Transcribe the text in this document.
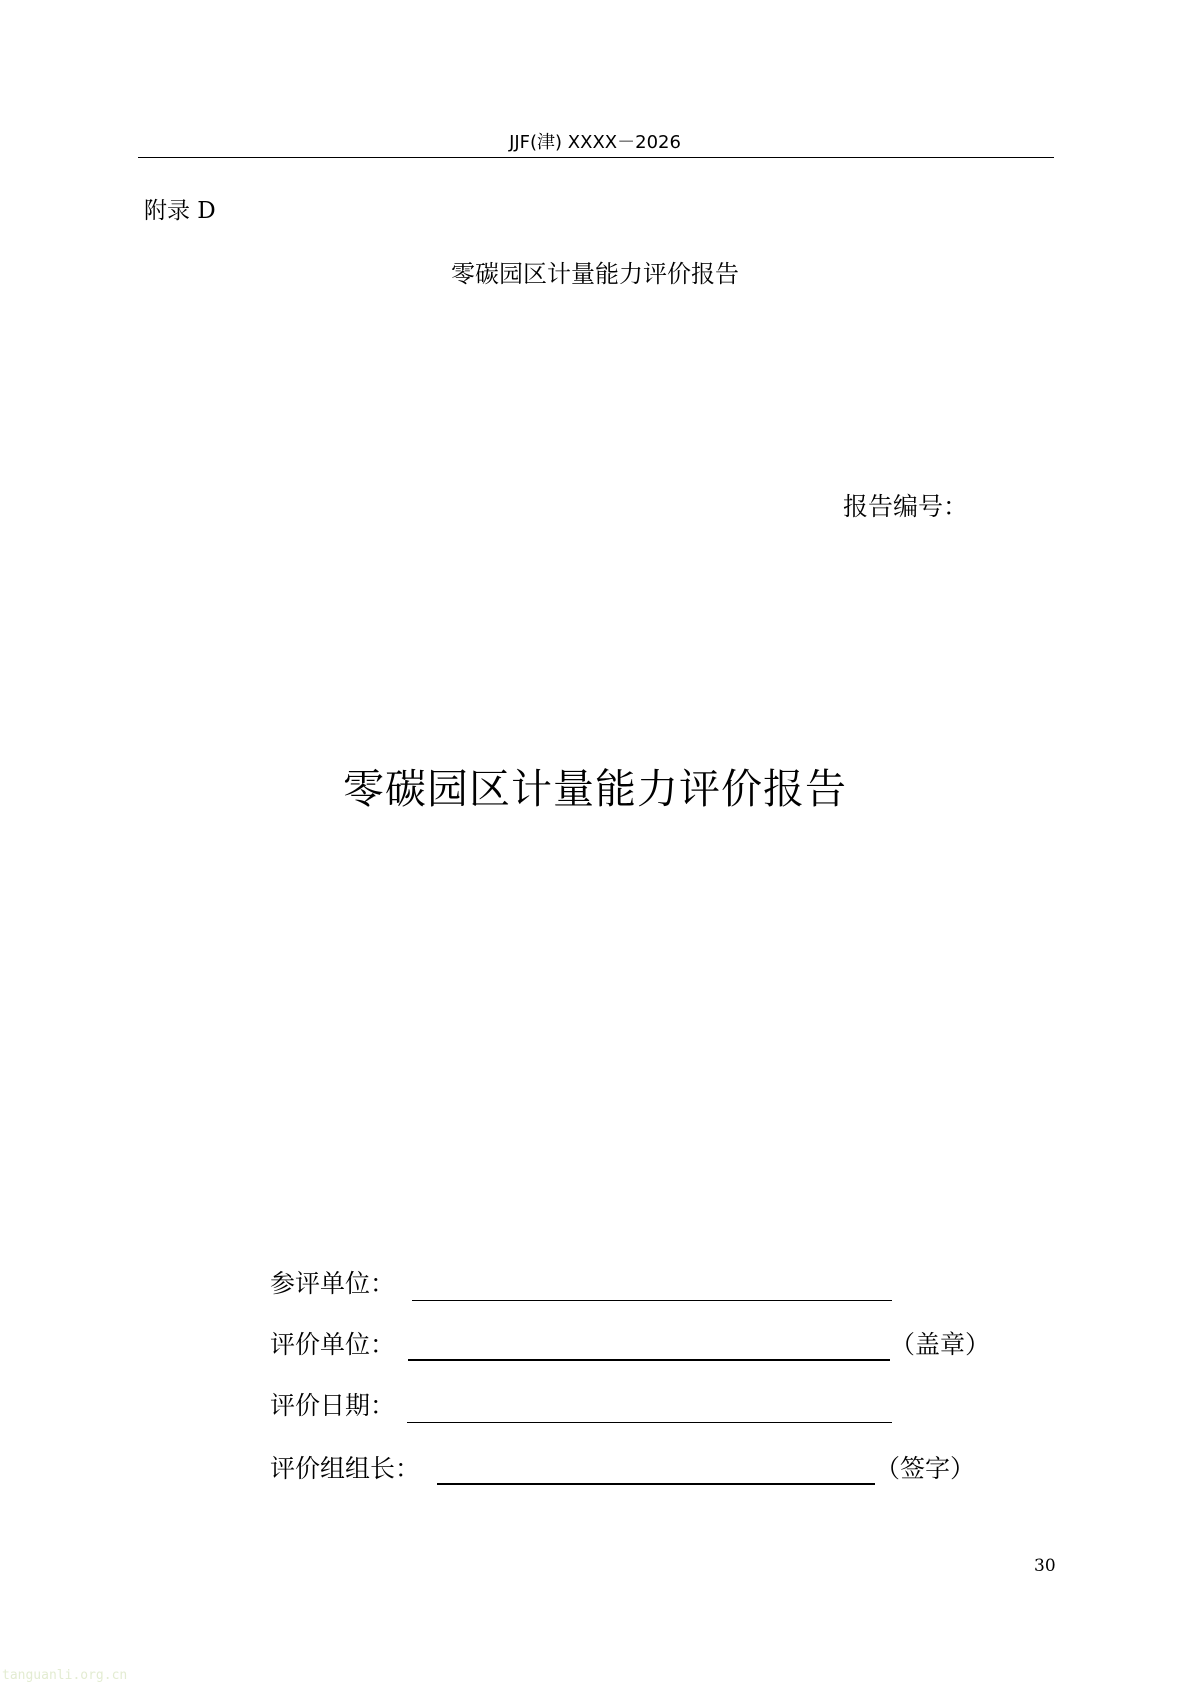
JJF(津) XXXX－2026
附录 D
零碳园区计量能力评价报告
报告编号：
零碳园区计量能力评价报告
参评单位：
评价单位：	（盖章）
评价日期：
评价组组长：	（签字）
30
tanguanli.org.cn
